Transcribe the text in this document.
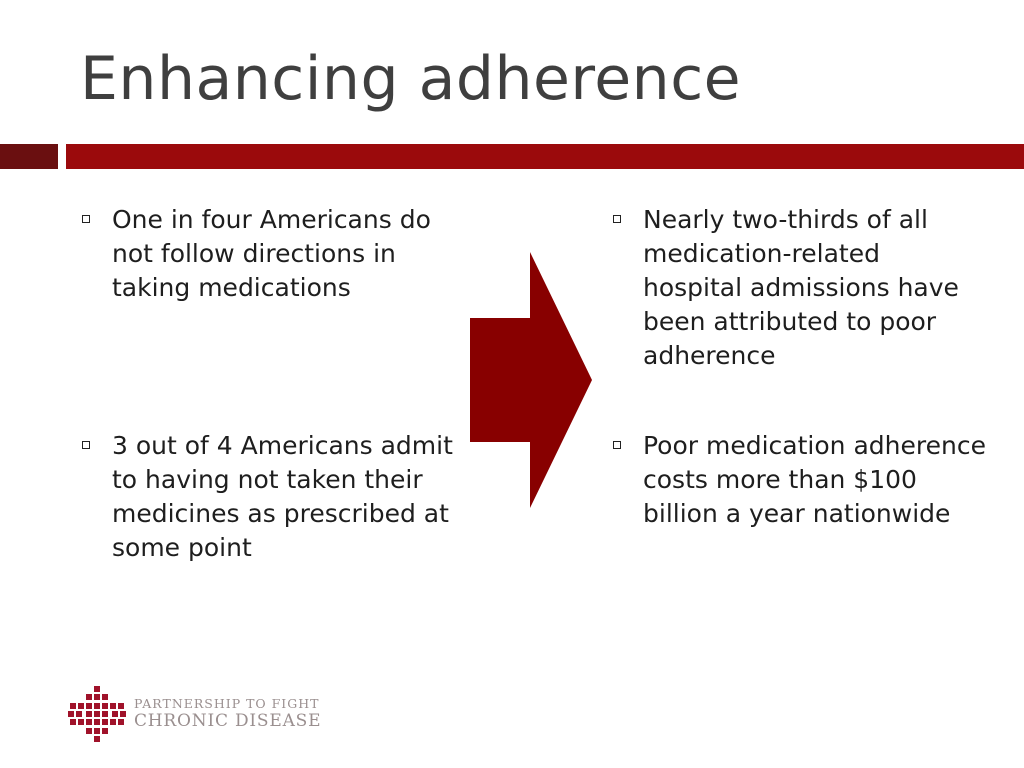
Enhancing adherence
One in four Americans do not follow directions in taking medications
3 out of 4 Americans admit to having not taken their medicines as prescribed at some point
Nearly two-thirds of all medication-related hospital admissions have been attributed to poor adherence
Poor medication adherence costs more than $100 billion a year nationwide
PARTNERSHIP TO FIGHT
CHRONIC DISEASE
